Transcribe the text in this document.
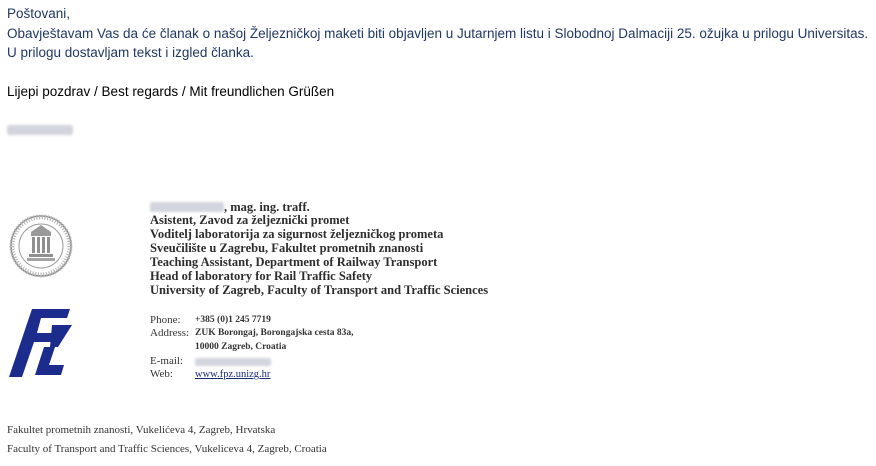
Poštovani,
Obavještavam Vas da će članak o našoj Željezničkoj maketi biti objavljen u Jutarnjem listu i Slobodnoj Dalmaciji 25. ožujka u prilogu Universitas.
U prilogu dostavljam tekst i izgled članka.
Lijepi pozdrav / Best regards / Mit freundlichen Grüßen
, mag. ing. traff.
Asistent, Zavod za željeznički promet
Voditelj laboratorija za sigurnost željezničkog prometa
Sveučilište u Zagrebu, Fakultet prometnih znanosti
Teaching Assistant, Department of Railway Transport
Head of laboratory for Rail Traffic Safety
University of Zagreb, Faculty of Transport and Traffic Sciences
Phone: +385 (0)1 245 7719
Address: ZUK Borongaj, Borongajska cesta 83a,
10000 Zagreb, Croatia
E-mail:
Web: www.fpz.unizg.hr
Fakultet prometnih znanosti, Vukelićeva 4, Zagreb, Hrvatska
Faculty of Transport and Traffic Sciences, Vukeliceva 4, Zagreb, Croatia
